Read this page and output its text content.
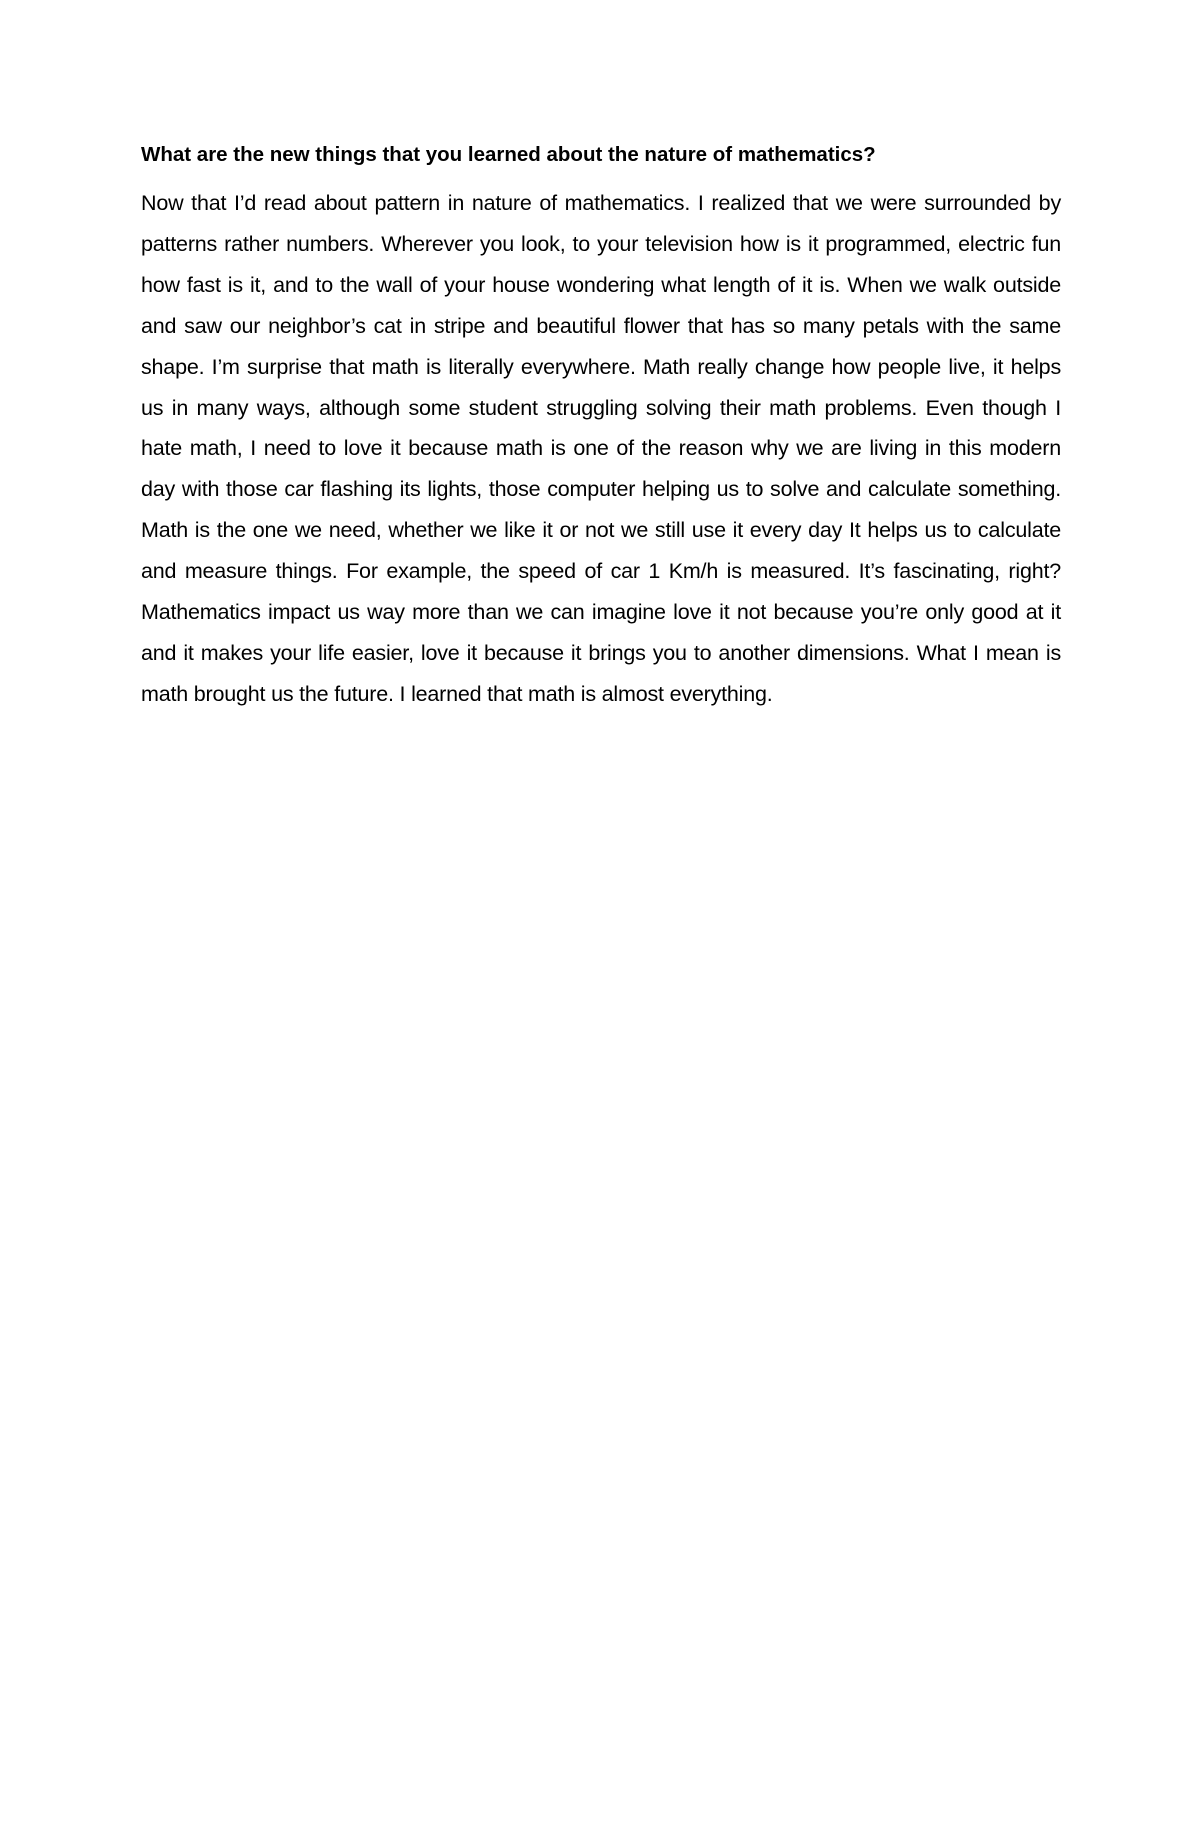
What are the new things that you learned about the nature of mathematics?

Now that I’d read about pattern in nature of mathematics. I realized that we were surrounded by patterns rather numbers. Wherever you look, to your television how is it programmed, electric fun how fast is it, and to the wall of your house wondering what length of it is. When we walk outside and saw our neighbor’s cat in stripe and beautiful flower that has so many petals with the same shape. I’m surprise that math is literally everywhere. Math really change how people live, it helps us in many ways, although some student struggling solving their math problems. Even though I hate math, I need to love it because math is one of the reason why we are living in this modern day with those car flashing its lights, those computer helping us to solve and calculate something. Math is the one we need, whether we like it or not we still use it every day It helps us to calculate and measure things. For example, the speed of car 1 Km/h is measured. It’s fascinating, right? Mathematics impact us way more than we can imagine love it not because you’re only good at it and it makes your life easier, love it because it brings you to another dimensions. What I mean is math brought us the future. I learned that math is almost everything.
